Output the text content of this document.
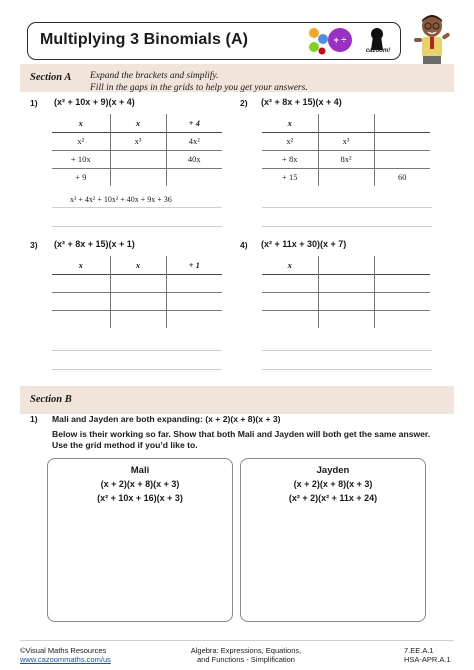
Multiplying 3 Binomials (A)	+ ÷
cazoom!
Section A Expand the brackets and simplify.
Fill in the gaps in the grids to help you get your answers.
1) (x² + 10x + 9)(x + 4)
x	x	+ 4
x²	x³	4x²
+ 10x		40x
+ 9		
x³ + 4x² + 10x² + 40x + 9x + 36
2) (x² + 8x + 15)(x + 4)
x		
x²	x³	
+ 8x	8x²	
+ 15		60
3) (x² + 8x + 15)(x + 1)
x	x	+ 1

4) (x² + 11x + 30)(x + 7)
x		

Section B
1) Mali and Jayden are both expanding: (x + 2)(x + 8)(x + 3)
Below is their working so far. Show that both Mali and Jayden will both get the same answer.
Use the grid method if you’d like to.
Mali
(x + 2)(x + 8)(x + 3)
(x² + 10x + 16)(x + 3)
Jayden
(x + 2)(x + 8)(x + 3)
(x² + 2)(x² + 11x + 24)
©Visual Maths Resources
www.cazoommaths.com/us
Algebra: Expressions, Equations,
and Functions - Simplification
7.EE.A.1
HSA-APR.A.1
